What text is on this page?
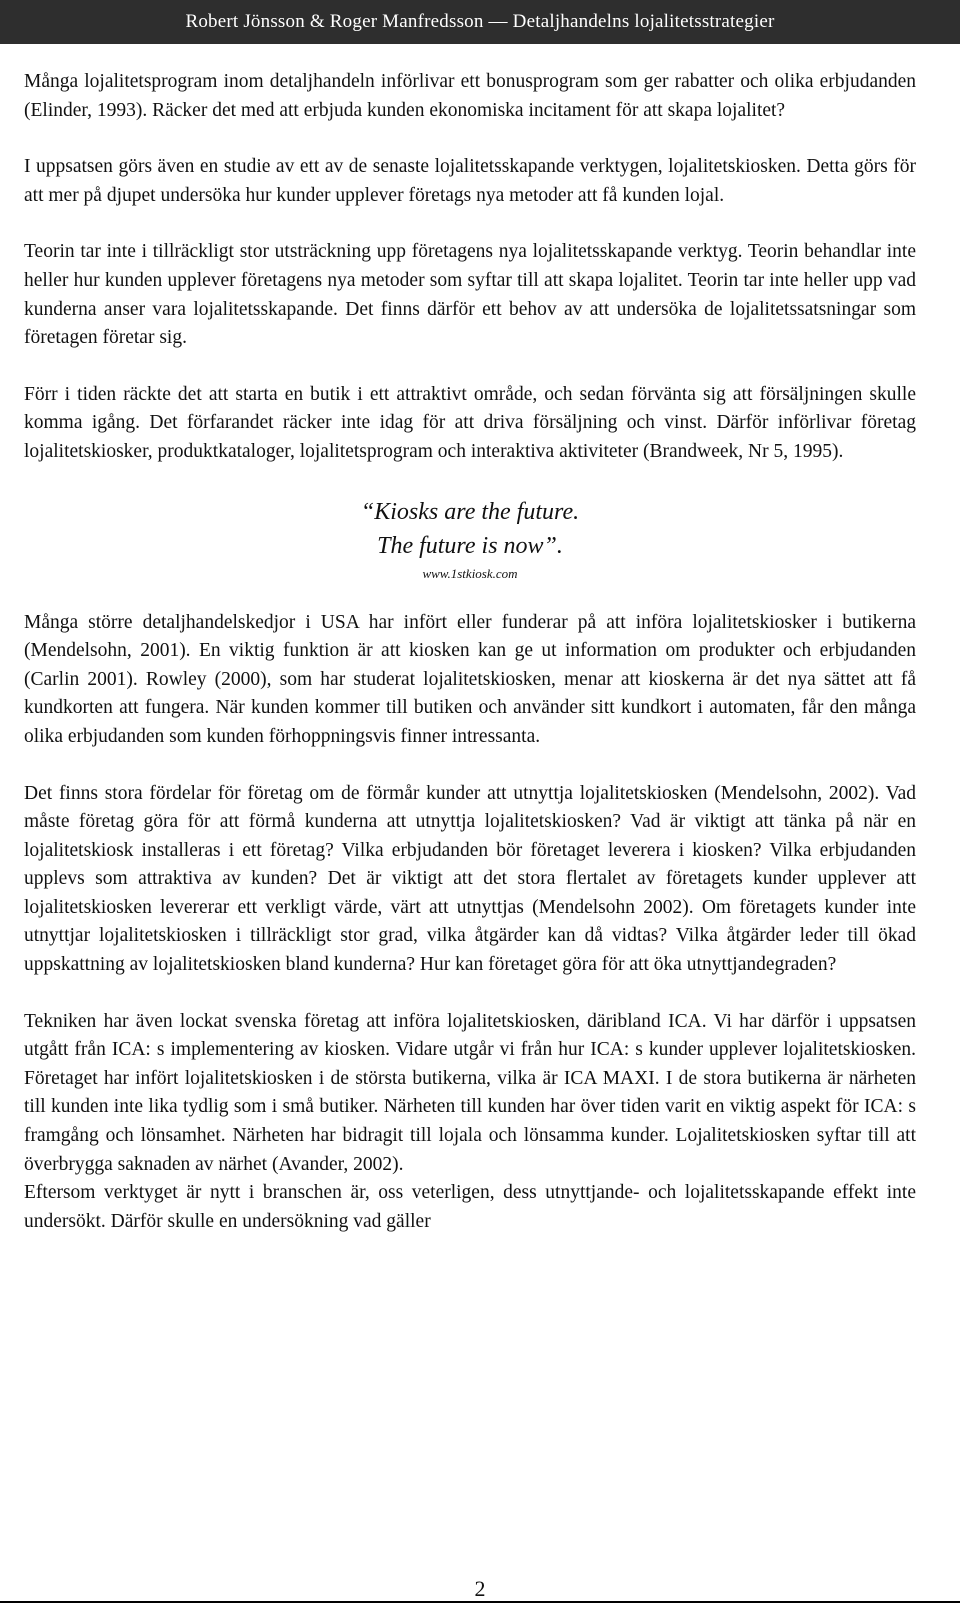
Robert Jönsson & Roger Manfredsson — Detaljhandelns lojalitetsstrategier

Många lojalitetsprogram inom detaljhandeln införlivar ett bonusprogram som ger rabatter och olika erbjudanden (Elinder, 1993). Räcker det med att erbjuda kunden ekonomiska incitament för att skapa lojalitet?

I uppsatsen görs även en studie av ett av de senaste lojalitetsskapande verktygen, lojalitetskiosken. Detta görs för att mer på djupet undersöka hur kunder upplever företags nya metoder att få kunden lojal.

Teorin tar inte i tillräckligt stor utsträckning upp företagens nya lojalitetsskapande verktyg. Teorin behandlar inte heller hur kunden upplever företagens nya metoder som syftar till att skapa lojalitet. Teorin tar inte heller upp vad kunderna anser vara lojalitetsskapande. Det finns därför ett behov av att undersöka de lojalitetssatsningar som företagen företar sig.

Förr i tiden räckte det att starta en butik i ett attraktivt område, och sedan förvänta sig att försäljningen skulle komma igång. Det förfarandet räcker inte idag för att driva försäljning och vinst. Därför införlivar företag lojalitetskiosker, produktkataloger, lojalitetsprogram och interaktiva aktiviteter (Brandweek, Nr 5, 1995).

“Kiosks are the future.
The future is now”.
www.1stkiosk.com

Många större detaljhandelskedjor i USA har infört eller funderar på att införa lojalitetskiosker i butikerna (Mendelsohn, 2001). En viktig funktion är att kiosken kan ge ut information om produkter och erbjudanden (Carlin 2001). Rowley (2000), som har studerat lojalitetskiosken, menar att kioskerna är det nya sättet att få kundkorten att fungera. När kunden kommer till butiken och använder sitt kundkort i automaten, får den många olika erbjudanden som kunden förhoppningsvis finner intressanta.

Det finns stora fördelar för företag om de förmår kunder att utnyttja lojalitetskiosken (Mendelsohn, 2002). Vad måste företag göra för att förmå kunderna att utnyttja lojalitetskiosken? Vad är viktigt att tänka på när en lojalitetskiosk installeras i ett företag? Vilka erbjudanden bör företaget leverera i kiosken? Vilka erbjudanden upplevs som attraktiva av kunden? Det är viktigt att det stora flertalet av företagets kunder upplever att lojalitetskiosken levererar ett verkligt värde, värt att utnyttjas (Mendelsohn 2002). Om företagets kunder inte utnyttjar lojalitetskiosken i tillräckligt stor grad, vilka åtgärder kan då vidtas? Vilka åtgärder leder till ökad uppskattning av lojalitetskiosken bland kunderna? Hur kan företaget göra för att öka utnyttjandegraden?

Tekniken har även lockat svenska företag att införa lojalitetskiosken, däribland ICA. Vi har därför i uppsatsen utgått från ICA: s implementering av kiosken. Vidare utgår vi från hur ICA: s kunder upplever lojalitetskiosken. Företaget har infört lojalitetskiosken i de största butikerna, vilka är ICA MAXI. I de stora butikerna är närheten till kunden inte lika tydlig som i små butiker. Närheten till kunden har över tiden varit en viktig aspekt för ICA: s framgång och lönsamhet. Närheten har bidragit till lojala och lönsamma kunder. Lojalitetskiosken syftar till att överbrygga saknaden av närhet (Avander, 2002).

Eftersom verktyget är nytt i branschen är, oss veterligen, dess utnyttjande- och lojalitetsskapande effekt inte undersökt. Därför skulle en undersökning vad gäller

2
